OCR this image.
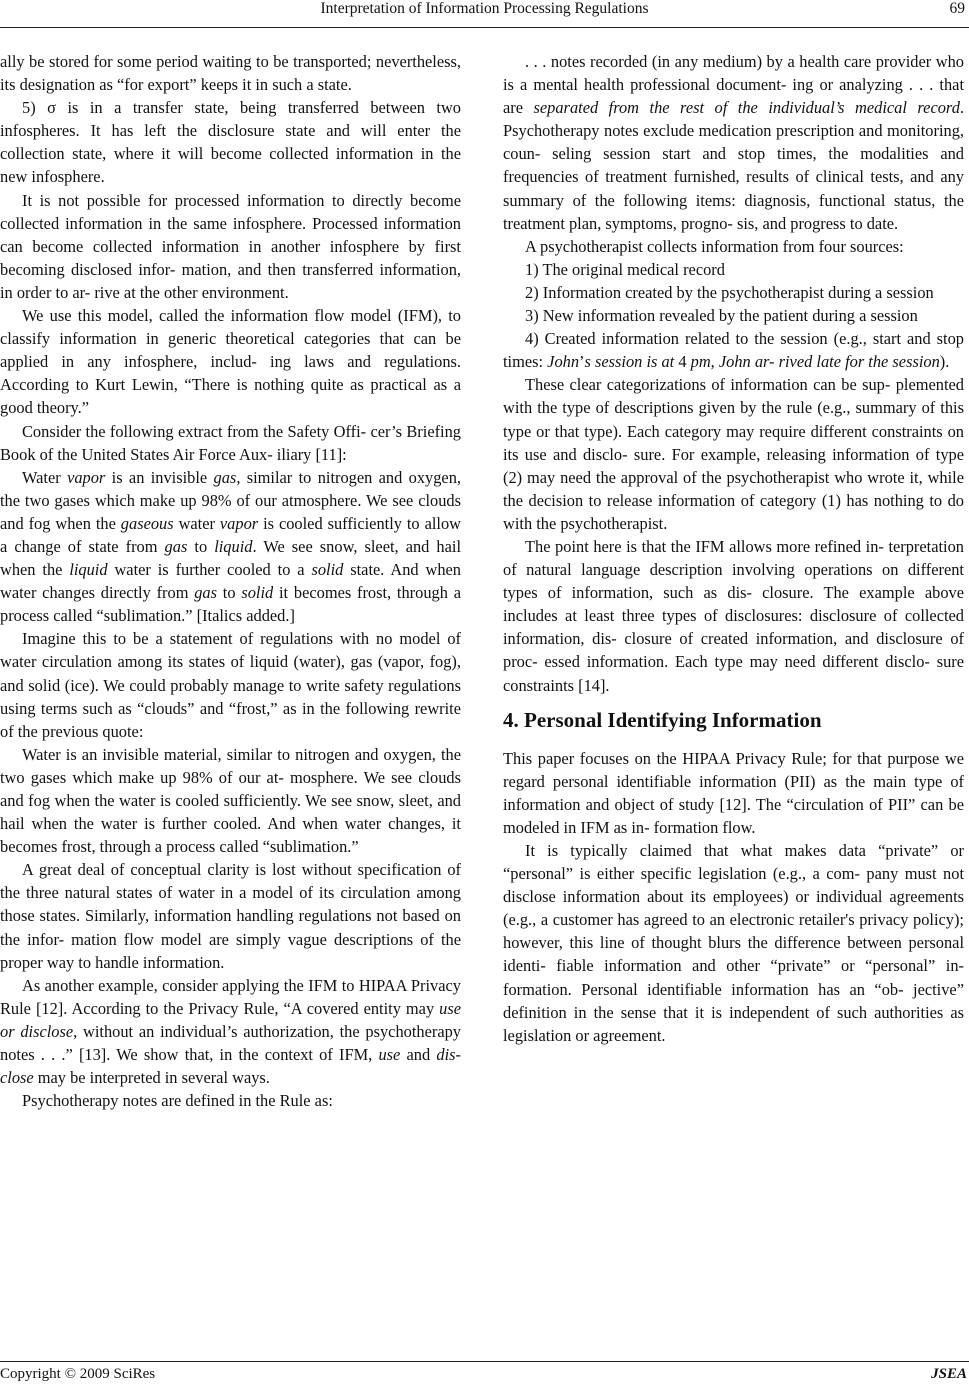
Interpretation of Information Processing Regulations	69

ally be stored for some period waiting to be transported; nevertheless, its designation as “for export” keeps it in such a state.

5) σ is in a transfer state, being transferred between two infospheres. It has left the disclosure state and will enter the collection state, where it will become collected information in the new infosphere.

It is not possible for processed information to directly become collected information in the same infosphere. Processed information can become collected information in another infosphere by first becoming disclosed infor- mation, and then transferred information, in order to ar- rive at the other environment.

We use this model, called the information flow model (IFM), to classify information in generic theoretical categories that can be applied in any infosphere, includ- ing laws and regulations. According to Kurt Lewin, “There is nothing quite as practical as a good theory.”

Consider the following extract from the Safety Offi- cer’s Briefing Book of the United States Air Force Aux- iliary [11]:

Water vapor is an invisible gas, similar to nitrogen and oxygen, the two gases which make up 98% of our atmosphere. We see clouds and fog when the gaseous water vapor is cooled sufficiently to allow a change of state from gas to liquid. We see snow, sleet, and hail when the liquid water is further cooled to a solid state. And when water changes directly from gas to solid it becomes frost, through a process called “sublimation.” [Italics added.]

Imagine this to be a statement of regulations with no model of water circulation among its states of liquid (water), gas (vapor, fog), and solid (ice). We could probably manage to write safety regulations using terms such as “clouds” and “frost,” as in the following rewrite of the previous quote:

Water is an invisible material, similar to nitrogen and oxygen, the two gases which make up 98% of our at- mosphere. We see clouds and fog when the water is cooled sufficiently. We see snow, sleet, and hail when the water is further cooled. And when water changes, it becomes frost, through a process called “sublimation.”

A great deal of conceptual clarity is lost without specification of the three natural states of water in a model of its circulation among those states. Similarly, information handling regulations not based on the infor- mation flow model are simply vague descriptions of the proper way to handle information.

As another example, consider applying the IFM to HIPAA Privacy Rule [12]. According to the Privacy Rule, “A covered entity may use or disclose, without an individual’s authorization, the psychotherapy notes . . .” [13]. We show that, in the context of IFM, use and dis- close may be interpreted in several ways.

Psychotherapy notes are defined in the Rule as:

. . . notes recorded (in any medium) by a health care provider who is a mental health professional document- ing or analyzing . . . that are separated from the rest of the individual’s medical record. Psychotherapy notes exclude medication prescription and monitoring, coun- seling session start and stop times, the modalities and frequencies of treatment furnished, results of clinical tests, and any summary of the following items: diagnosis, functional status, the treatment plan, symptoms, progno- sis, and progress to date.

A psychotherapist collects information from four sources:

1) The original medical record

2) Information created by the psychotherapist during a session

3) New information revealed by the patient during a session

4) Created information related to the session (e.g., start and stop times: John’s session is at 4 pm, John ar- rived late for the session).

These clear categorizations of information can be sup- plemented with the type of descriptions given by the rule (e.g., summary of this type or that type). Each category may require different constraints on its use and disclo- sure. For example, releasing information of type (2) may need the approval of the psychotherapist who wrote it, while the decision to release information of category (1) has nothing to do with the psychotherapist.

The point here is that the IFM allows more refined in- terpretation of natural language description involving operations on different types of information, such as dis- closure. The example above includes at least three types of disclosures: disclosure of collected information, dis- closure of created information, and disclosure of proc- essed information. Each type may need different disclo- sure constraints [14].

4. Personal Identifying Information

This paper focuses on the HIPAA Privacy Rule; for that purpose we regard personal identifiable information (PII) as the main type of information and object of study [12]. The “circulation of PII” can be modeled in IFM as in- formation flow.

It is typically claimed that what makes data “private” or “personal” is either specific legislation (e.g., a com- pany must not disclose information about its employees) or individual agreements (e.g., a customer has agreed to an electronic retailer's privacy policy); however, this line of thought blurs the difference between personal identi- fiable information and other “private” or “personal” in- formation. Personal identifiable information has an “ob- jective” definition in the sense that it is independent of such authorities as legislation or agreement.

Copyright © 2009 SciRes	JSEA
